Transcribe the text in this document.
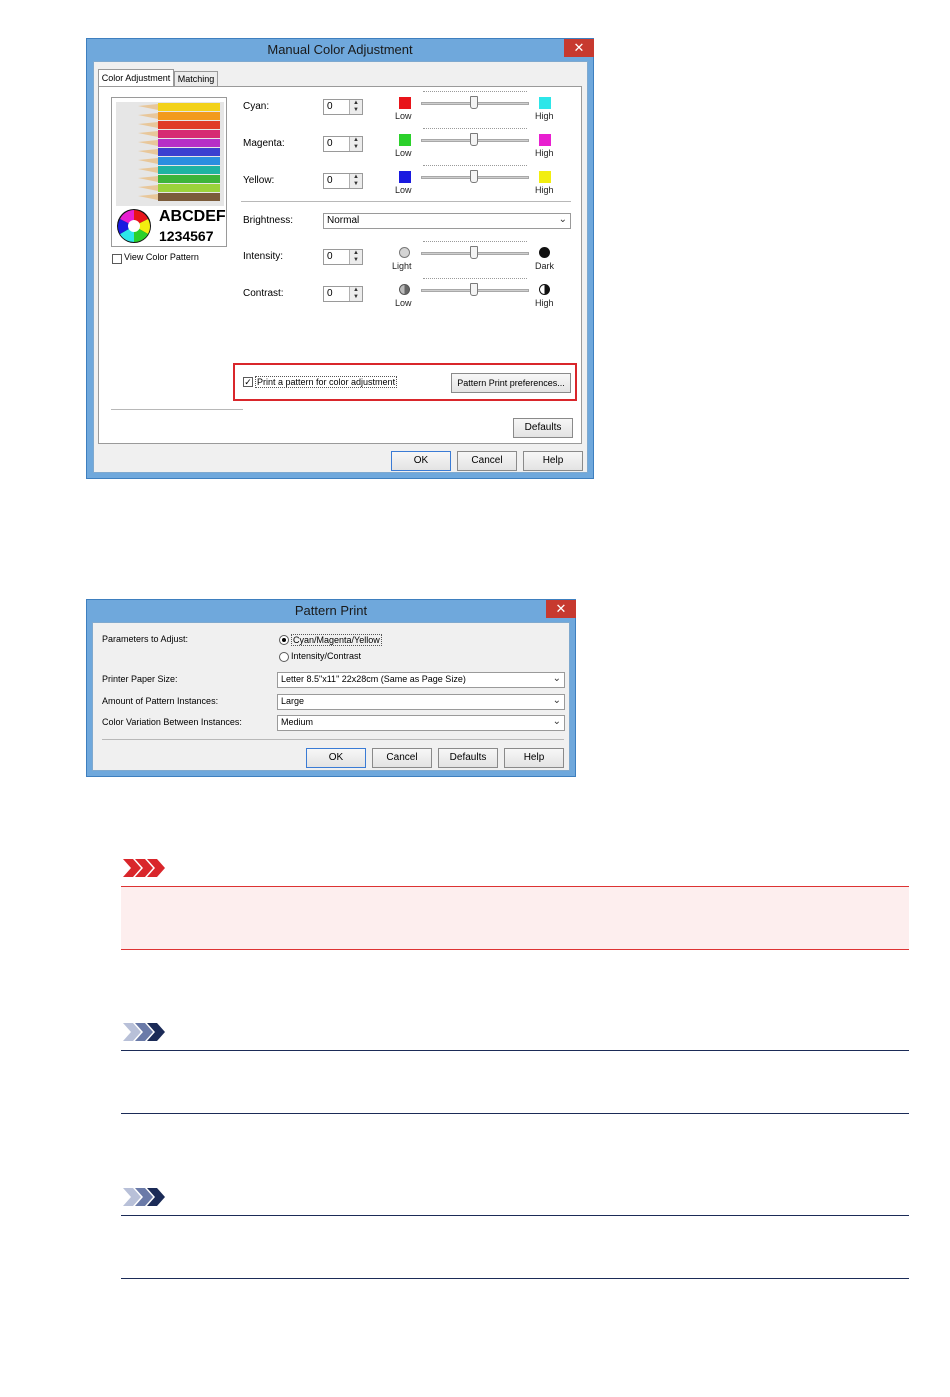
Manual Color Adjustment	✕
Color Adjustment Matching
ABCDEF
1234567
View Color Pattern
Cyan:	0	▲
▼
Low	High
Magenta:	0	▲
▼
Low	High
Yellow:	0	▲
▼
Low	High
Brightness:	Normal	⌄
Intensity:	0	▲
▼
Light	Dark
Contrast:	0	▲
▼
Low	High
✓ Print a pattern for color adjustment	Pattern Print preferences...
Defaults
OK	Cancel	Help
Pattern Print	✕
Parameters to Adjust:	Cyan/Magenta/Yellow
Intensity/Contrast
Printer Paper Size:	Letter 8.5"x11" 22x28cm (Same as Page Size)	⌄
Amount of Pattern Instances:	Large	⌄
Color Variation Between Instances:	Medium	⌄
OK	Cancel	Defaults	Help
